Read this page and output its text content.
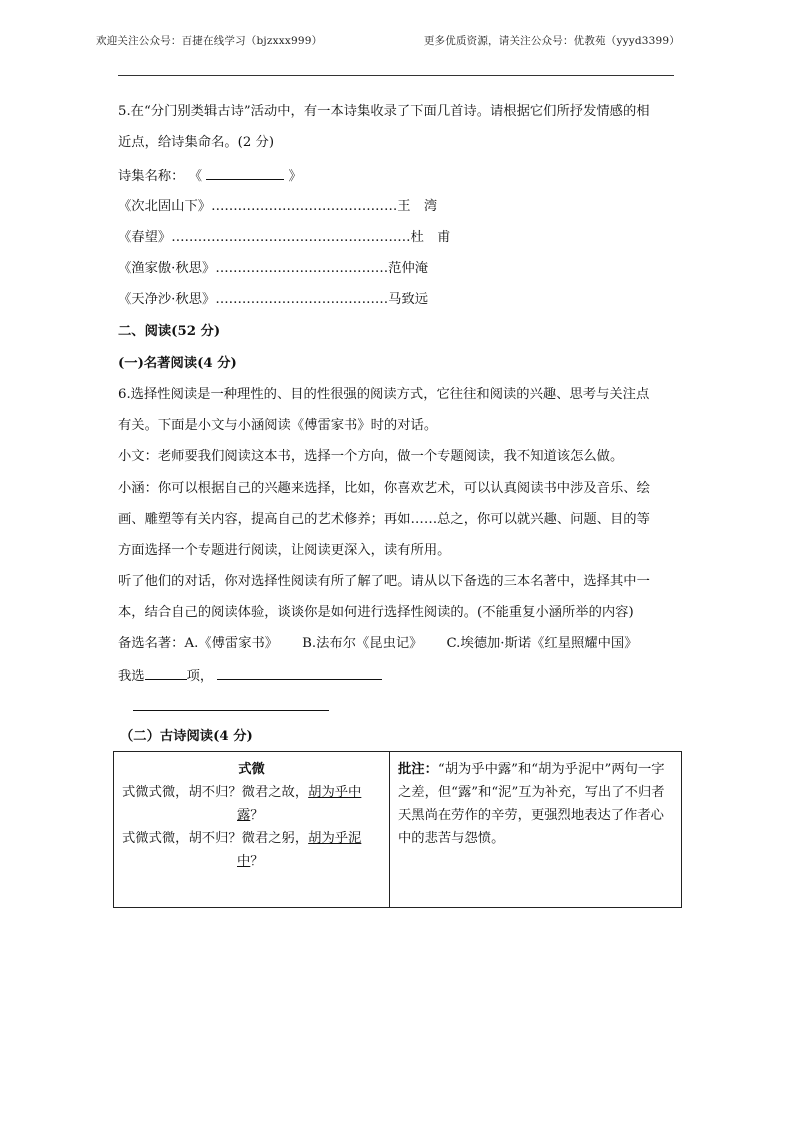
欢迎关注公众号：百捷在线学习（bjzxxx999）	更多优质资源，请关注公众号：优教苑（yyyd3399）
5.在“分门别类辑古诗”活动中，有一本诗集收录了下面几首诗。请根据它们所抒发情感的相
近点，给诗集命名。(2 分)
诗集名称： 《	》
《次北固山下》……………………………………王　湾
《春望》………………………………………………杜　甫
《渔家傲·秋思》…………………………………范仲淹
《天净沙·秋思》…………………………………马致远
二、阅读(52 分)
(一)名著阅读(4 分)
6.选择性阅读是一种理性的、目的性很强的阅读方式，它往往和阅读的兴趣、思考与关注点
有关。下面是小文与小涵阅读《傅雷家书》时的对话。
小文：老师要我们阅读这本书，选择一个方向，做一个专题阅读，我不知道该怎么做。
小涵：你可以根据自己的兴趣来选择，比如，你喜欢艺术，可以认真阅读书中涉及音乐、绘
画、雕塑等有关内容，提高自己的艺术修养；再如……总之，你可以就兴趣、问题、目的等
方面选择一个专题进行阅读，让阅读更深入，读有所用。
听了他们的对话，你对选择性阅读有所了解了吧。请从以下备选的三本名著中，选择其中一
本，结合自己的阅读体验，谈谈你是如何进行选择性阅读的。(不能重复小涵所举的内容)
备选名著：A.《傅雷家书》 B.法布尔《昆虫记》 C.埃德加·斯诺《红星照耀中国》
我选	项，
（二）古诗阅读(4 分)
式微
式微式微，胡不归？微君之故，胡为乎中
露？
式微式微，胡不归？微君之躬，胡为乎泥
中？
	批注：“胡为乎中露”和“胡为乎泥中”两句一字之差，但“露”和“泥”互为补充，写出了不归者天黑尚在劳作的辛劳，更强烈地表达了作者心中的悲苦与怨愤。
